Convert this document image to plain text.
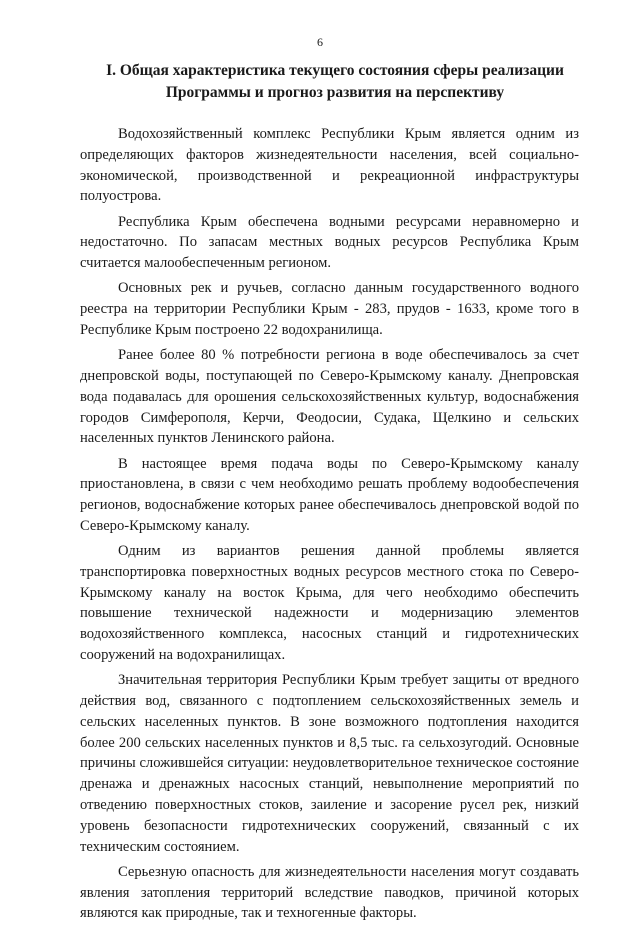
6
I. Общая характеристика текущего состояния сферы реализации
Программы и прогноз развития на перспективу

Водохозяйственный комплекс Республики Крым является одним из определяющих факторов жизнедеятельности населения, всей социально-экономической, производственной и рекреационной инфраструктуры полуострова.

Республика Крым обеспечена водными ресурсами неравномерно и недостаточно. По запасам местных водных ресурсов Республика Крым считается малообеспеченным регионом.

Основных рек и ручьев, согласно данным государственного водного реестра на территории Республики Крым - 283, прудов - 1633, кроме того в Республике Крым построено 22 водохранилища.

Ранее более 80 % потребности региона в воде обеспечивалось за счет днепровской воды, поступающей по Северо-Крымскому каналу. Днепровская вода подавалась для орошения сельскохозяйственных культур, водоснабжения городов Симферополя, Керчи, Феодосии, Судака, Щелкино и сельских населенных пунктов Ленинского района.

В настоящее время подача воды по Северо-Крымскому каналу приостановлена, в связи с чем необходимо решать проблему водообеспечения регионов, водоснабжение которых ранее обеспечивалось днепровской водой по Северо-Крымскому каналу.

Одним из вариантов решения данной проблемы является транспортировка поверхностных водных ресурсов местного стока по Северо-Крымскому каналу на восток Крыма, для чего необходимо обеспечить повышение технической надежности и модернизацию элементов водохозяйственного комплекса, насосных станций и гидротехнических сооружений на водохранилищах.

Значительная территория Республики Крым требует защиты от вредного действия вод, связанного с подтоплением сельскохозяйственных земель и сельских населенных пунктов. В зоне возможного подтопления находится более 200 сельских населенных пунктов и 8,5 тыс. га сельхозугодий. Основные причины сложившейся ситуации: неудовлетворительное техническое состояние дренажа и дренажных насосных станций, невыполнение мероприятий по отведению поверхностных стоков, заиление и засорение русел рек, низкий уровень безопасности гидротехнических сооружений, связанный с их техническим состоянием.

Серьезную опасность для жизнедеятельности населения могут создавать явления затопления территорий вследствие паводков, причиной которых являются как природные, так и техногенные факторы.
